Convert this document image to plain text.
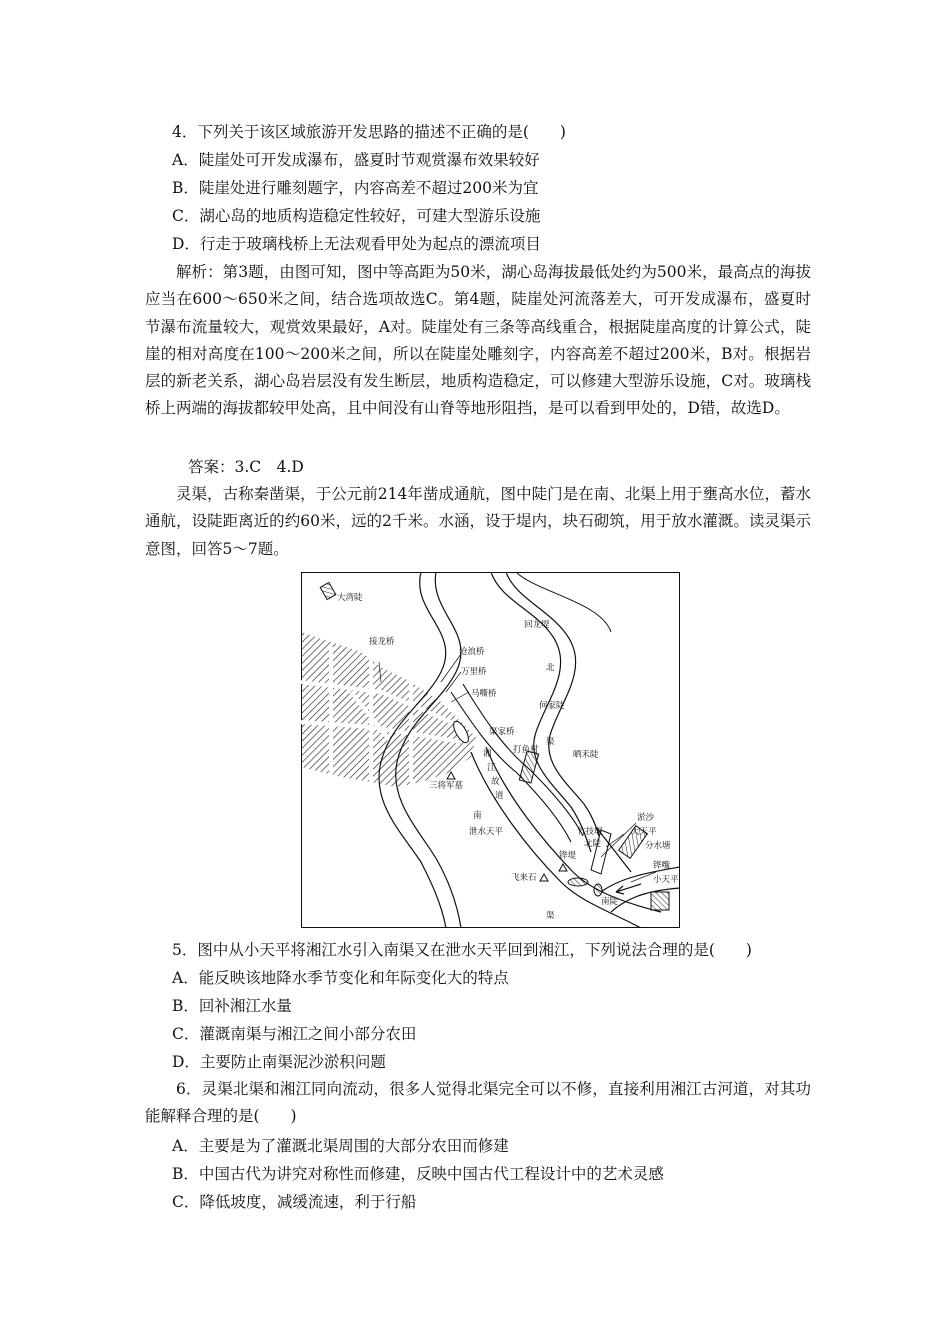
4．下列关于该区域旅游开发思路的描述不正确的是(　　)
A．陡崖处可开发成瀑布，盛夏时节观赏瀑布效果较好
B．陡崖处进行雕刻题字，内容高差不超过200米为宜
C．湖心岛的地质构造稳定性较好，可建大型游乐设施
D．行走于玻璃栈桥上无法观看甲处为起点的漂流项目

解析：第3题，由图可知，图中等高距为50米，湖心岛海拔最低处约为500米，最高点的海拔应当在600～650米之间，结合选项故选C。第4题，陡崖处河流落差大，可开发成瀑布，盛夏时节瀑布流量较大，观赏效果最好，A对。陡崖处有三条等高线重合，根据陡崖高度的计算公式，陡崖的相对高度在100～200米之间，所以在陡崖处雕刻字，内容高差不超过200米，B对。根据岩层的新老关系，湖心岛岩层没有发生断层，地质构造稳定，可以修建大型游乐设施，C对。玻璃栈桥上两端的海拔都较甲处高，且中间没有山脊等地形阻挡，是可以看到甲处的，D错，故选D。

答案：3.C　4.D

灵渠，古称秦凿渠，于公元前214年凿成通航，图中陡门是在南、北渠上用于壅高水位，蓄水通航，设陡距离近的约60米，远的2千米。水涵，设于堤内，块石砌筑，用于放水灌溉。读灵渠示意图，回答5～7题。

大湾陡
回龙堤
接龙桥
沧浪桥
万里桥
马嘶桥
北
何家陡
渠
渠家桥
湘
江
故
道
打鱼村	晒禾陡
三将军墓
南
泄水天平
淤沙
竹技堰
北陡
大天平
分水塘
铧堤
铧嘴
小天平
飞来石
渠
南陡
5．图中从小天平将湘江水引入南渠又在泄水天平回到湘江，下列说法合理的是(　　)
A．能反映该地降水季节变化和年际变化大的特点
B．回补湘江水量
C．灌溉南渠与湘江之间小部分农田
D．主要防止南渠泥沙淤积问题

6．灵渠北渠和湘江同向流动，很多人觉得北渠完全可以不修，直接利用湘江古河道，对其功能解释合理的是(　　)

A．主要是为了灌溉北渠周围的大部分农田而修建
B．中国古代为讲究对称性而修建，反映中国古代工程设计中的艺术灵感
C．降低坡度，减缓流速，利于行船
